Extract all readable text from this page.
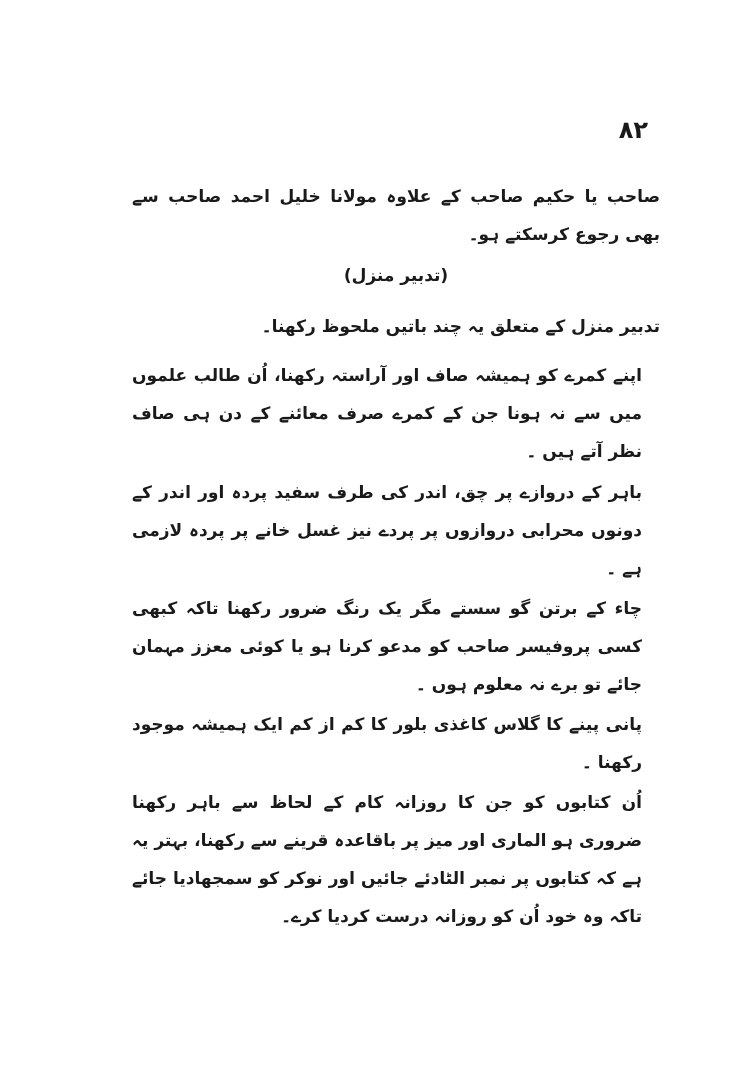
۸۲

صاحب یا حکیم صاحب کے علاوہ مولانا خلیل احمد صاحب سے بھی رجوع کرسکتے ہو۔

(تدبیر منزل)

تدبیر منزل کے متعلق یہ چند باتیں ملحوظ رکھنا۔

اپنے کمرے کو ہمیشہ صاف اور آراستہ رکھنا، اُن طالب علموں میں سے نہ ہونا جن کے کمرے صرف معائنے کے دن ہی صاف نظر آتے ہیں ۔

باہر کے دروازے پر چق، اندر کی طرف سفید پردہ اور اندر کے دونوں محرابی دروازوں پر پردے نیز غسل خانے پر پردہ لازمی ہے ۔

چاء کے برتن گو سستے مگر یک رنگ ضرور رکھنا تاکہ کبھی کسی پروفیسر صاحب کو مدعو کرنا ہو یا کوئی معزز مہمان جائے تو برے نہ معلوم ہوں ۔

پانی پینے کا گلاس کاغذی بلور کا کم از کم ایک ہمیشہ موجود رکھنا ۔

اُن کتابوں کو جن کا روزانہ کام کے لحاظ سے باہر رکھنا ضروری ہو الماری اور میز پر باقاعدہ قرینے سے رکھنا، بہتر یہ ہے کہ کتابوں پر نمبر الٹادئے جائیں اور نوکر کو سمجھادیا جائے تاکہ وہ خود اُن کو روزانہ درست کردیا کرے۔
